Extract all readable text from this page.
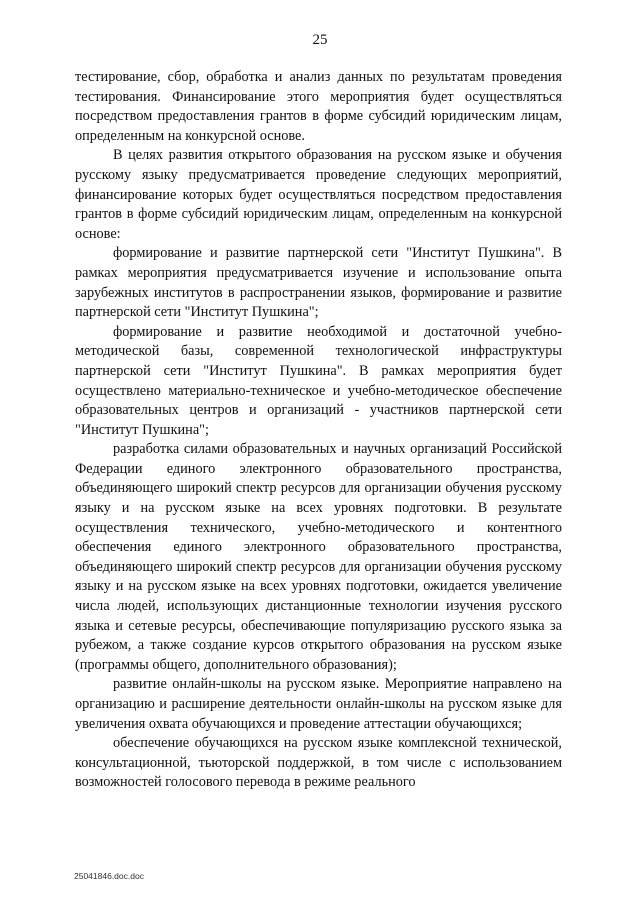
25

тестирование, сбор, обработка и анализ данных по результатам проведения тестирования. Финансирование этого мероприятия будет осуществляться посредством предоставления грантов в форме субсидий юридическим лицам, определенным на конкурсной основе.

В целях развития открытого образования на русском языке и обучения русскому языку предусматривается проведение следующих мероприятий, финансирование которых будет осуществляться посредством предоставления грантов в форме субсидий юридическим лицам, определенным на конкурсной основе:

формирование и развитие партнерской сети "Институт Пушкина". В рамках мероприятия предусматривается изучение и использование опыта зарубежных институтов в распространении языков, формирование и развитие партнерской сети "Институт Пушкина";

формирование и развитие необходимой и достаточной учебно-методической базы, современной технологической инфраструктуры партнерской сети "Институт Пушкина". В рамках мероприятия будет осуществлено материально-техническое и учебно-методическое обеспечение образовательных центров и организаций - участников партнерской сети "Институт Пушкина";

разработка силами образовательных и научных организаций Российской Федерации единого электронного образовательного пространства, объединяющего широкий спектр ресурсов для организации обучения русскому языку и на русском языке на всех уровнях подготовки. В результате осуществления технического, учебно-методического и контентного обеспечения единого электронного образовательного пространства, объединяющего широкий спектр ресурсов для организации обучения русскому языку и на русском языке на всех уровнях подготовки, ожидается увеличение числа людей, использующих дистанционные технологии изучения русского языка и сетевые ресурсы, обеспечивающие популяризацию русского языка за рубежом, а также создание курсов открытого образования на русском языке (программы общего, дополнительного образования);

развитие онлайн-школы на русском языке. Мероприятие направлено на организацию и расширение деятельности онлайн-школы на русском языке для увеличения охвата обучающихся и проведение аттестации обучающихся;

обеспечение обучающихся на русском языке комплексной технической, консультационной, тьюторской поддержкой, в том числе с использованием возможностей голосового перевода в режиме реального

25041846.doc.doc
